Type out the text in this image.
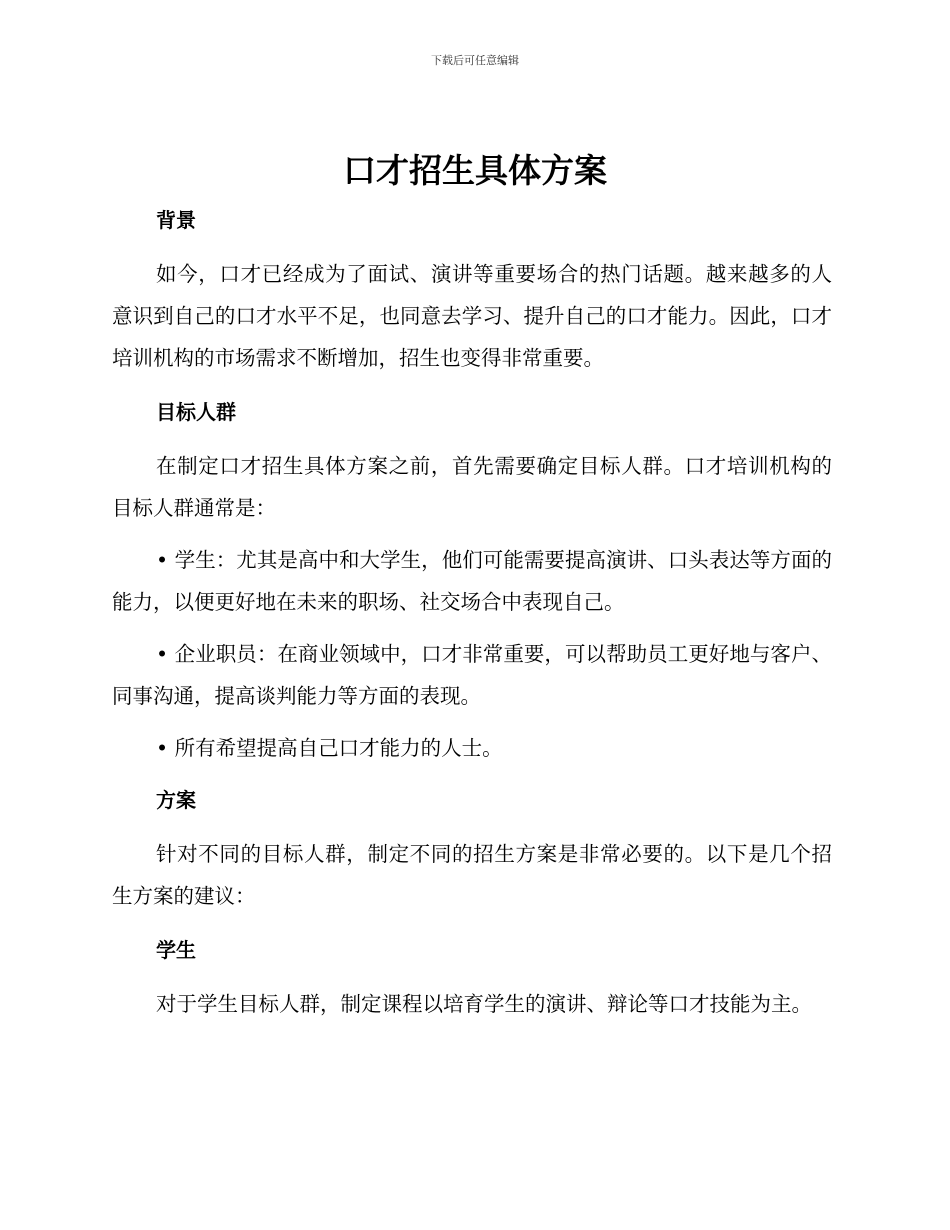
下载后可任意编辑
口才招生具体方案
背景

如今，口才已经成为了面试、演讲等重要场合的热门话题。越来越多的人意识到自己的口才水平不足，也同意去学习、提升自己的口才能力。因此，口才培训机构的市场需求不断增加，招生也变得非常重要。

目标人群

在制定口才招生具体方案之前，首先需要确定目标人群。口才培训机构的目标人群通常是：

• 学生：尤其是高中和大学生，他们可能需要提高演讲、口头表达等方面的能力，以便更好地在未来的职场、社交场合中表现自己。

• 企业职员：在商业领域中，口才非常重要，可以帮助员工更好地与客户、同事沟通，提高谈判能力等方面的表现。

• 所有希望提高自己口才能力的人士。

方案

针对不同的目标人群，制定不同的招生方案是非常必要的。以下是几个招生方案的建议：

学生

对于学生目标人群，制定课程以培育学生的演讲、辩论等口才技能为主。
